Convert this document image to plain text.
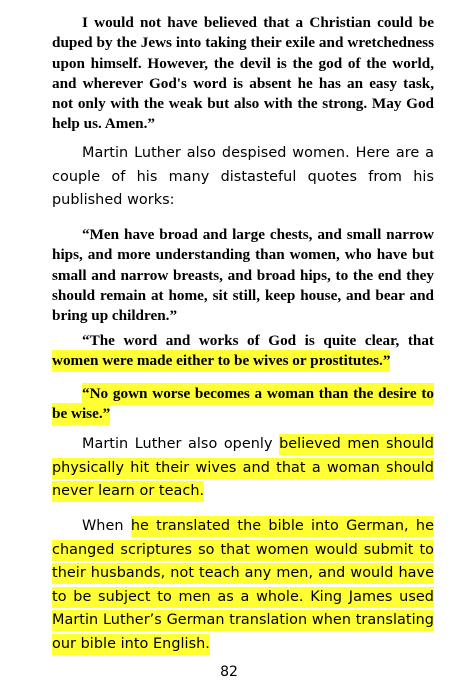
I would not have believed that a Christian could be duped by the Jews into taking their exile and wretchedness upon himself. However, the devil is the god of the world, and wherever God's word is absent he has an easy task, not only with the weak but also with the strong. May God help us. Amen.”

Martin Luther also despised women. Here are a couple of his many distasteful quotes from his published works:

“Men have broad and large chests, and small narrow hips, and more understanding than women, who have but small and narrow breasts, and broad hips, to the end they should remain at home, sit still, keep house, and bear and bring up children.”

“The word and works of God is quite clear, that women were made either to be wives or prostitutes.”

“No gown worse becomes a woman than the desire to be wise.”

Martin Luther also openly believed men should physically hit their wives and that a woman should never learn or teach.

When he translated the bible into German, he changed scriptures so that women would submit to their husbands, not teach any men, and would have to be subject to men as a whole. King James used Martin Luther’s German translation when translating our bible into English.

82
